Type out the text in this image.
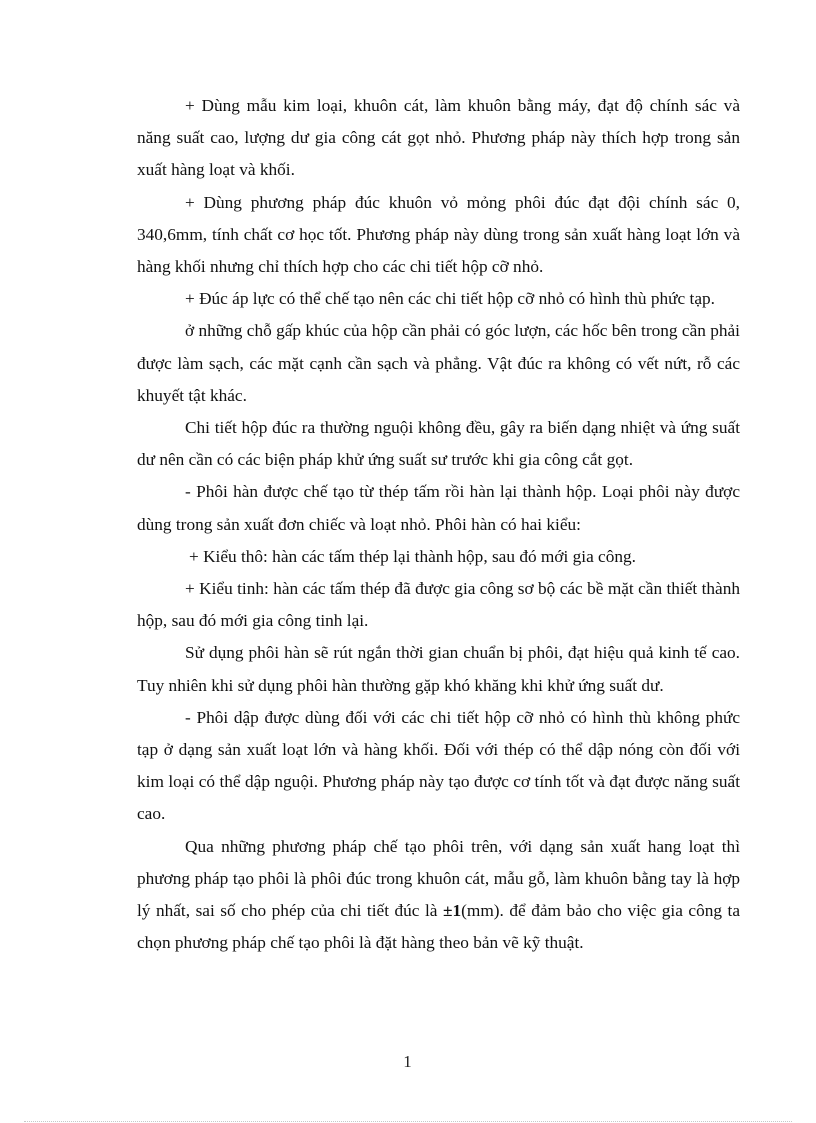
+ Dùng mẫu kim loại, khuôn cát, làm khuôn bằng máy, đạt độ chính sác và năng suất cao, lượng dư gia công cát gọt nhỏ. Phương pháp này thích hợp trong sản xuất hàng loạt và khối.

+ Dùng phương pháp đúc khuôn vỏ mỏng phôi đúc đạt đội chính sác 0, 340,6mm, tính chất cơ học tốt. Phương pháp này dùng trong sản xuất hàng loạt lớn và hàng khối nhưng chỉ thích hợp cho các chi tiết hộp cỡ nhỏ.

+ Đúc áp lực có thể chế tạo nên các chi tiết hộp cỡ nhỏ có hình thù phức tạp.

ở những chỗ gấp khúc của hộp cần phải có góc lượn, các hốc bên trong cần phải được làm sạch, các mặt cạnh cần sạch và phẳng. Vật đúc ra không có vết nứt, rỗ các khuyết tật khác.

Chi tiết hộp đúc ra thường nguội không đều, gây ra biến dạng nhiệt và ứng suất dư nên cần có các biện pháp khử ứng suất sư trước khi gia công cắt gọt.

- Phôi hàn được chế tạo từ thép tấm rồi hàn lại thành hộp. Loại phôi này được dùng trong sản xuất đơn chiếc và loạt nhỏ. Phôi hàn có hai kiểu:

+ Kiểu thô: hàn các tấm thép lại thành hộp, sau đó mới gia công.

+ Kiểu tinh: hàn các tấm thép đã được gia công sơ bộ các bề mặt cần thiết thành hộp, sau đó mới gia công tinh lại.

Sử dụng phôi hàn sẽ rút ngắn thời gian chuẩn bị phôi, đạt hiệu quả kinh tế cao. Tuy nhiên khi sử dụng phôi hàn thường gặp khó khăng khi khử ứng suất dư.

- Phôi dập được dùng đối với các chi tiết hộp cỡ nhỏ có hình thù không phức tạp ở dạng sản xuất loạt lớn và hàng khối. Đối với thép có thể dập nóng còn đối với kim loại có thể dập nguội. Phương pháp này tạo được cơ tính tốt và đạt được năng suất cao.

Qua những phương pháp chế tạo phôi trên, với dạng sản xuất hang loạt thì phương pháp tạo phôi là phôi đúc trong khuôn cát, mẫu gỗ, làm khuôn bằng tay là hợp lý nhất, sai số cho phép của chi tiết đúc là ±1(mm). để đảm bảo cho việc gia công ta chọn phương pháp chế tạo phôi là đặt hàng theo bản vẽ kỹ thuật.

1
